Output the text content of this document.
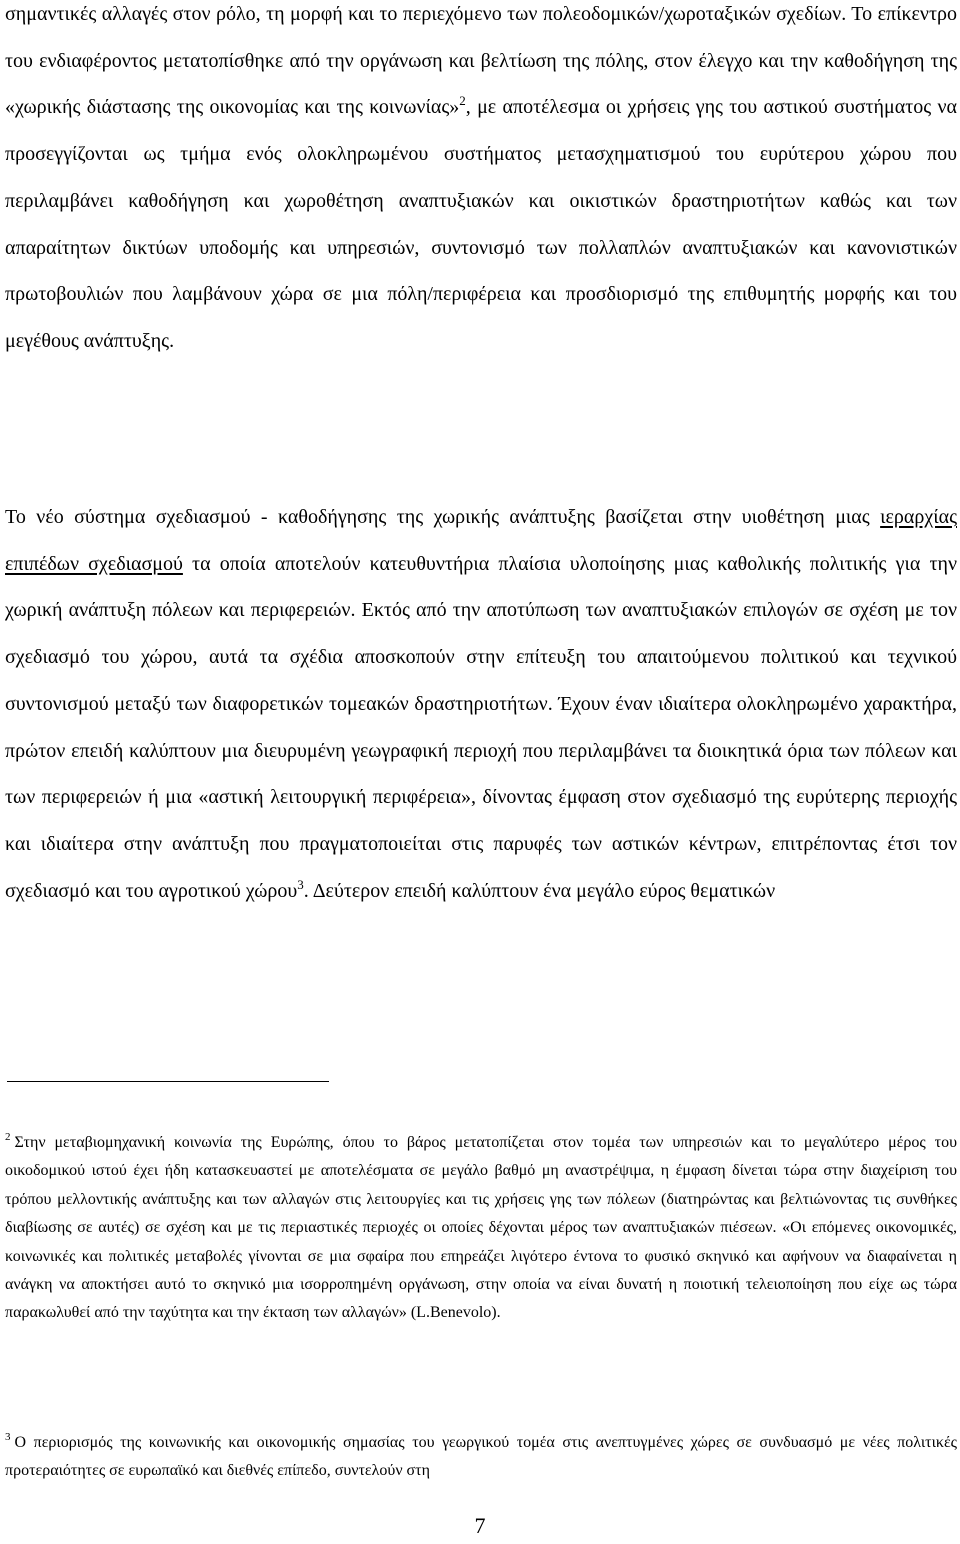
σημαντικές αλλαγές στον ρόλο, τη μορφή και το περιεχόμενο των πολεοδομικών/χωροταξικών σχεδίων. Το επίκεντρο του ενδιαφέροντος μετατοπίσθηκε από την οργάνωση και βελτίωση της πόλης, στον έλεγχο και την καθοδήγηση της «χωρικής διάστασης της οικονομίας και της κοινωνίας»$^2$, με αποτέλεσμα οι χρήσεις γης του αστικού συστήματος να προσεγγίζονται ως τμήμα ενός ολοκληρωμένου συστήματος μετασχηματισμού του ευρύτερου χώρου που περιλαμβάνει καθοδήγηση και χωροθέτηση αναπτυξιακών και οικιστικών δραστηριοτήτων καθώς και των απαραίτητων δικτύων υποδομής και υπηρεσιών, συντονισμό των πολλαπλών αναπτυξιακών και κανονιστικών πρωτοβουλιών που λαμβάνουν χώρα σε μια πόλη/περιφέρεια και προσδιορισμό της επιθυμητής μορφής και του μεγέθους ανάπτυξης.

Το νέο σύστημα σχεδιασμού - καθοδήγησης της χωρικής ανάπτυξης βασίζεται στην υιοθέτηση μιας ιεραρχίας επιπέδων σχεδιασμού τα οποία αποτελούν κατευθυντήρια πλαίσια υλοποίησης μιας καθολικής πολιτικής για την χωρική ανάπτυξη πόλεων και περιφερειών. Εκτός από την αποτύπωση των αναπτυξιακών επιλογών σε σχέση με τον σχεδιασμό του χώρου, αυτά τα σχέδια αποσκοπούν στην επίτευξη του απαιτούμενου πολιτικού και τεχνικού συντονισμού μεταξύ των διαφορετικών τομεακών δραστηριοτήτων. Έχουν έναν ιδιαίτερα ολοκληρωμένο χαρακτήρα, πρώτον επειδή καλύπτουν μια διευρυμένη γεωγραφική περιοχή που περιλαμβάνει τα διοικητικά όρια των πόλεων και των περιφερειών ή μια «αστική λειτουργική περιφέρεια», δίνοντας έμφαση στον σχεδιασμό της ευρύτερης περιοχής και ιδιαίτερα στην ανάπτυξη που πραγματοποιείται στις παρυφές των αστικών κέντρων, επιτρέποντας έτσι τον σχεδιασμό και του αγροτικού χώρου$^3$. Δεύτερον επειδή καλύπτουν ένα μεγάλο εύρος θεματικών

$^2$ Στην μεταβιομηχανική κοινωνία της Ευρώπης, όπου το βάρος μετατοπίζεται στον τομέα των υπηρεσιών και το μεγαλύτερο μέρος του οικοδομικού ιστού έχει ήδη κατασκευαστεί με αποτελέσματα σε μεγάλο βαθμό μη αναστρέψιμα, η έμφαση δίνεται τώρα στην διαχείριση του τρόπου μελλοντικής ανάπτυξης και των αλλαγών στις λειτουργίες και τις χρήσεις γης των πόλεων (διατηρώντας και βελτιώνοντας τις συνθήκες διαβίωσης σε αυτές) σε σχέση και με τις περιαστικές περιοχές οι οποίες δέχονται μέρος των αναπτυξιακών πιέσεων. «Οι επόμενες οικονομικές, κοινωνικές και πολιτικές μεταβολές γίνονται σε μια σφαίρα που επηρεάζει λιγότερο έντονα το φυσικό σκηνικό και αφήνουν να διαφαίνεται η ανάγκη να αποκτήσει αυτό το σκηνικό μια ισορροπημένη οργάνωση, στην οποία να είναι δυνατή η ποιοτική τελειοποίηση που είχε ως τώρα παρακωλυθεί από την ταχύτητα και την έκταση των αλλαγών» (L.Benevolo).

$^3$ Ο περιορισμός της κοινωνικής και οικονομικής σημασίας του γεωργικού τομέα στις ανεπτυγμένες χώρες σε συνδυασμό με νέες πολιτικές προτεραιότητες σε ευρωπαϊκό και διεθνές επίπεδο, συντελούν στη

7
